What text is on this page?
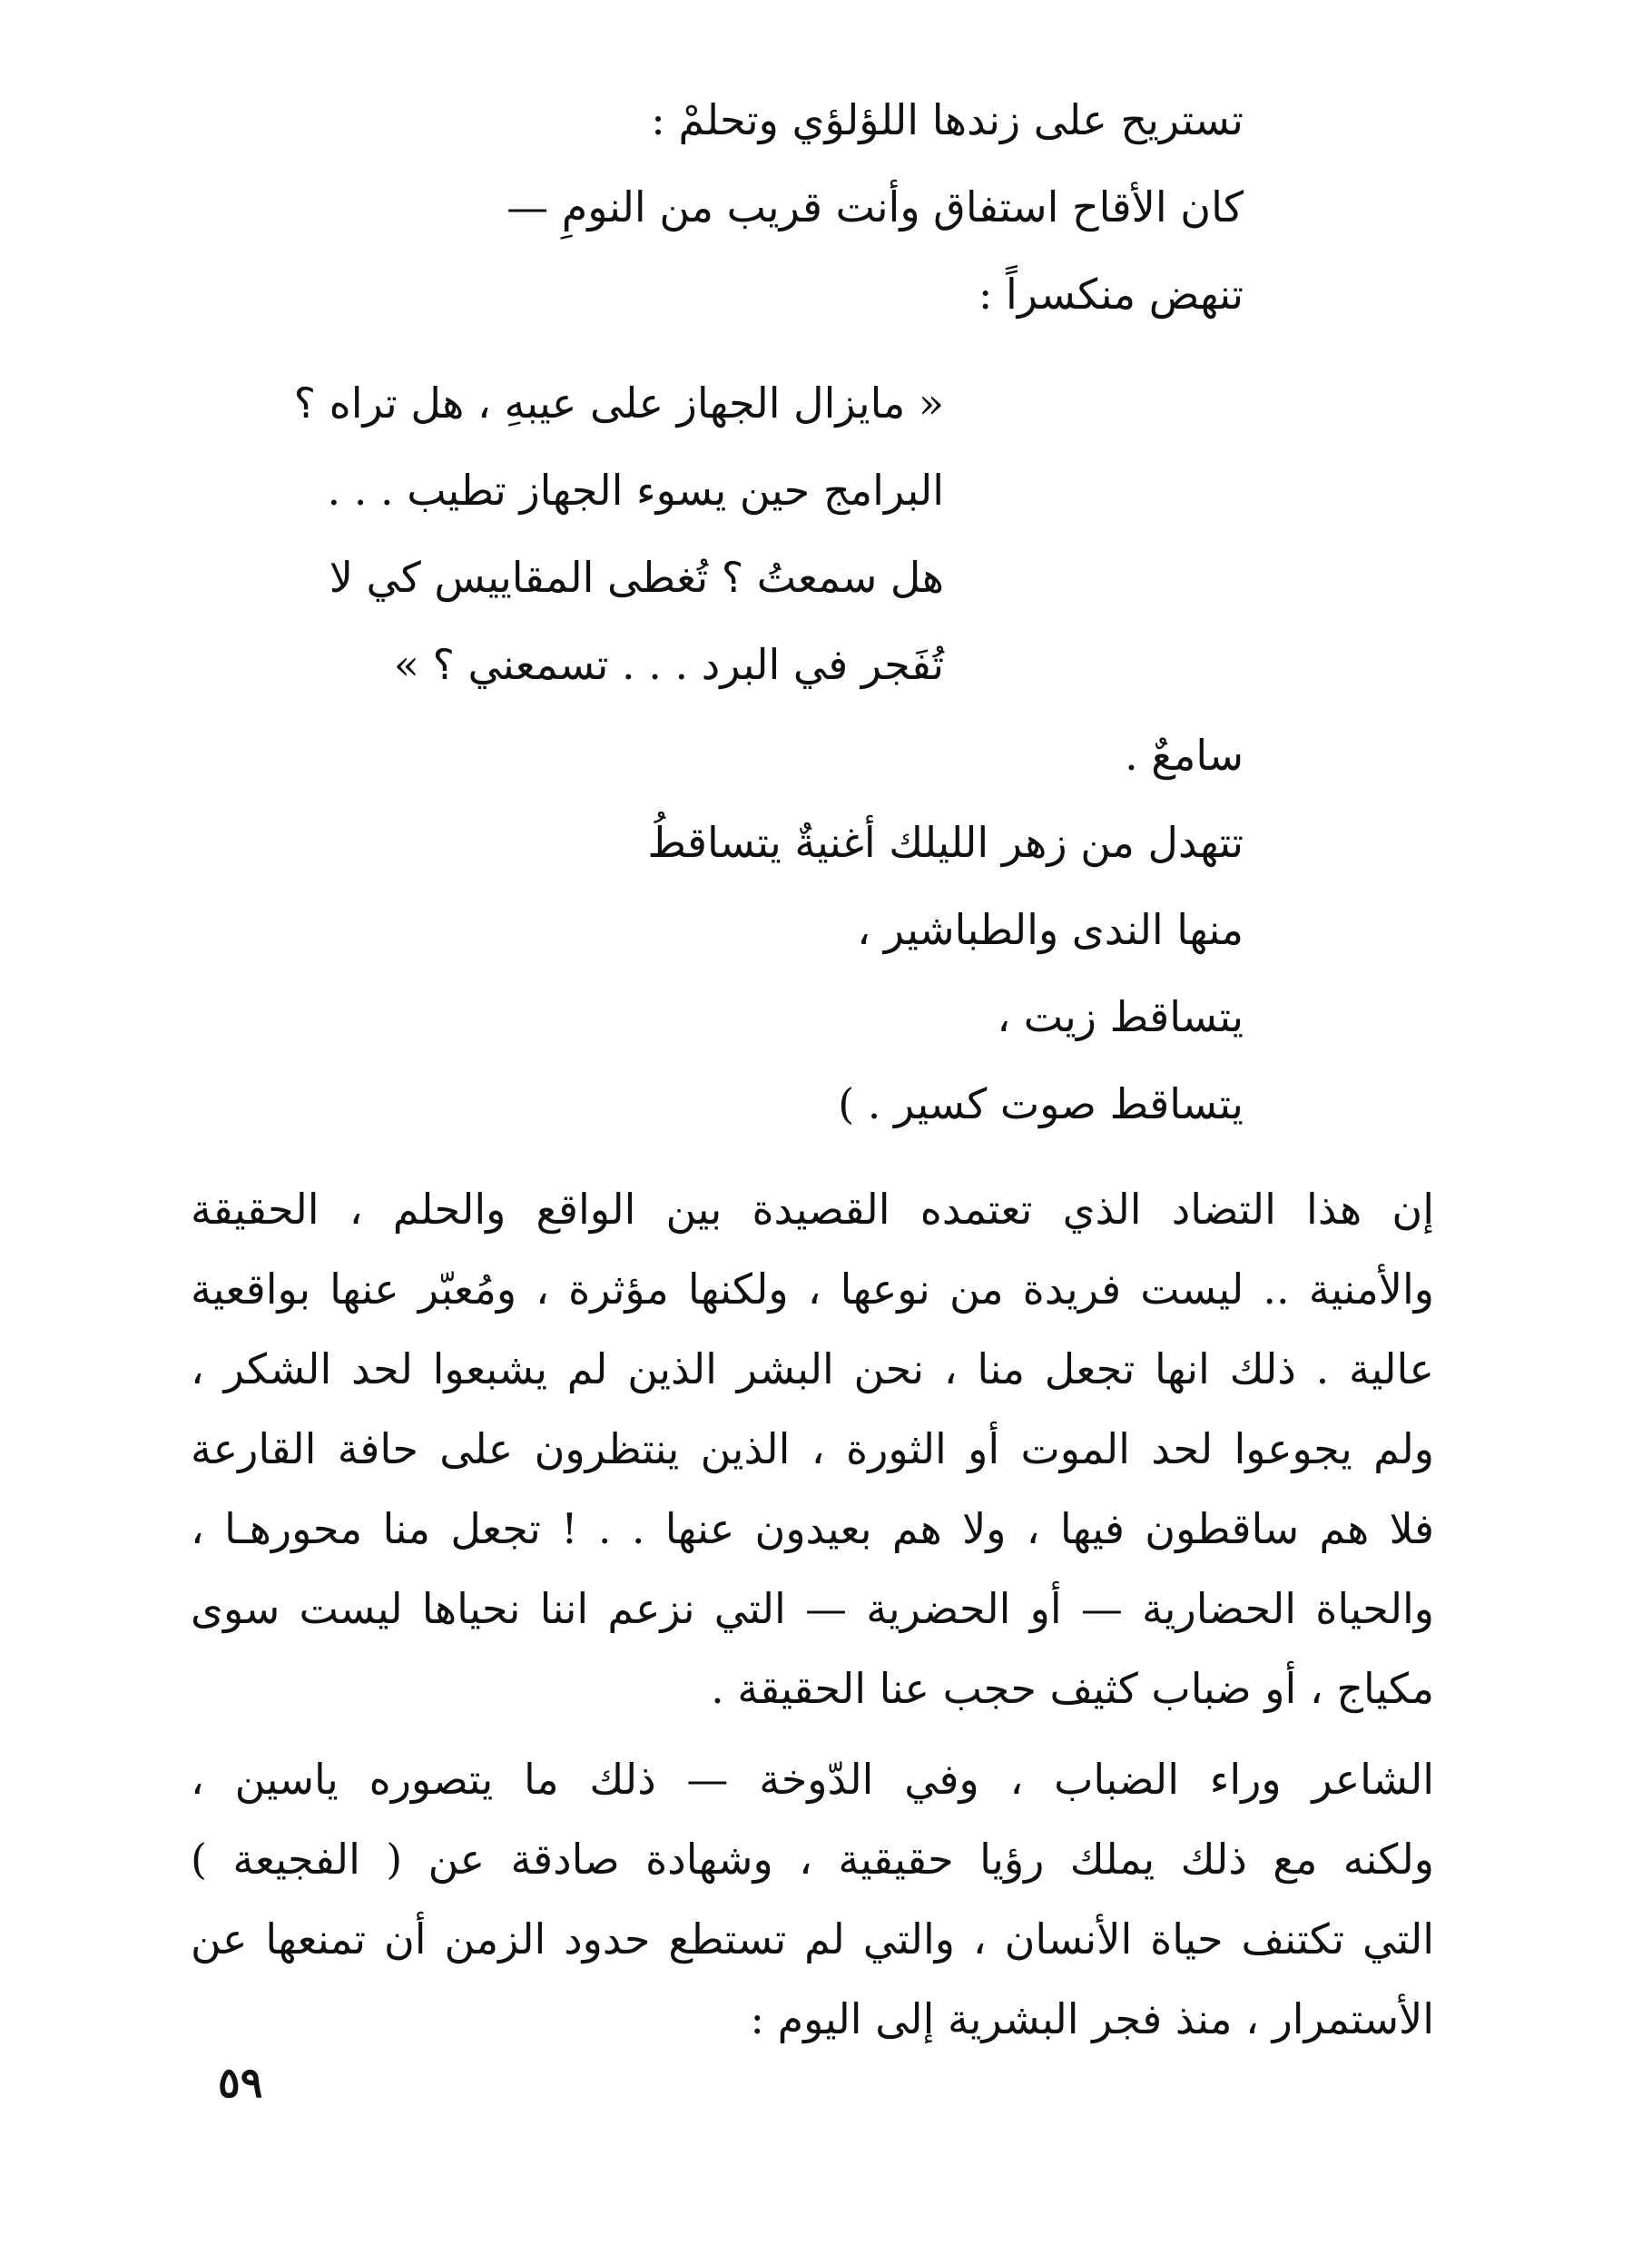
تستريح على زندها اللؤلؤي وتحلمْ :
كان الأقاح استفاق وأنت قريب من النومِ —
تنهض منكسراً :
« مايزال الجهاز على عيبهِ ، هل تراه ؟
البرامج حين يسوء الجهاز تطيب . . .
هل سمعتُ ؟ تُغطى المقاييس كي لا
تُفَجر في البرد . . . تسمعني ؟ »
سامعٌ .
تتهدل من زهر الليلك أغنيةٌ يتساقطُ
منها الندى والطباشير ،
يتساقط زيت ،
يتساقط صوت كسير . )
إن هذا التضاد الذي تعتمده القصيدة بين الواقع والحلم ، الحقيقة
والأمنية .. ليست فريدة من نوعها ، ولكنها مؤثرة ، ومُعبّر عنها بواقعية
عالية . ذلك انها تجعل منا ، نحن البشر الذين لم يشبعوا لحد الشكر ،
ولم يجوعوا لحد الموت أو الثورة ، الذين ينتظرون على حافة القارعة
فلا هم ساقطون فيها ، ولا هم بعيدون عنها . . ! تجعل منا محورهـا ،
والحياة الحضارية — أو الحضرية — التي نزعم اننا نحياها ليست سوى
مكياج ، أو ضباب كثيف حجب عنا الحقيقة .
الشاعر وراء الضباب ، وفي الدّوخة — ذلك ما يتصوره ياسين ،
ولكنه مع ذلك يملك رؤيا حقيقية ، وشهادة صادقة عن ( الفجيعة )
التي تكتنف حياة الأنسان ، والتي لم تستطع حدود الزمن أن تمنعها عن
الأستمرار ، منذ فجر البشرية إلى اليوم :
٥٩
